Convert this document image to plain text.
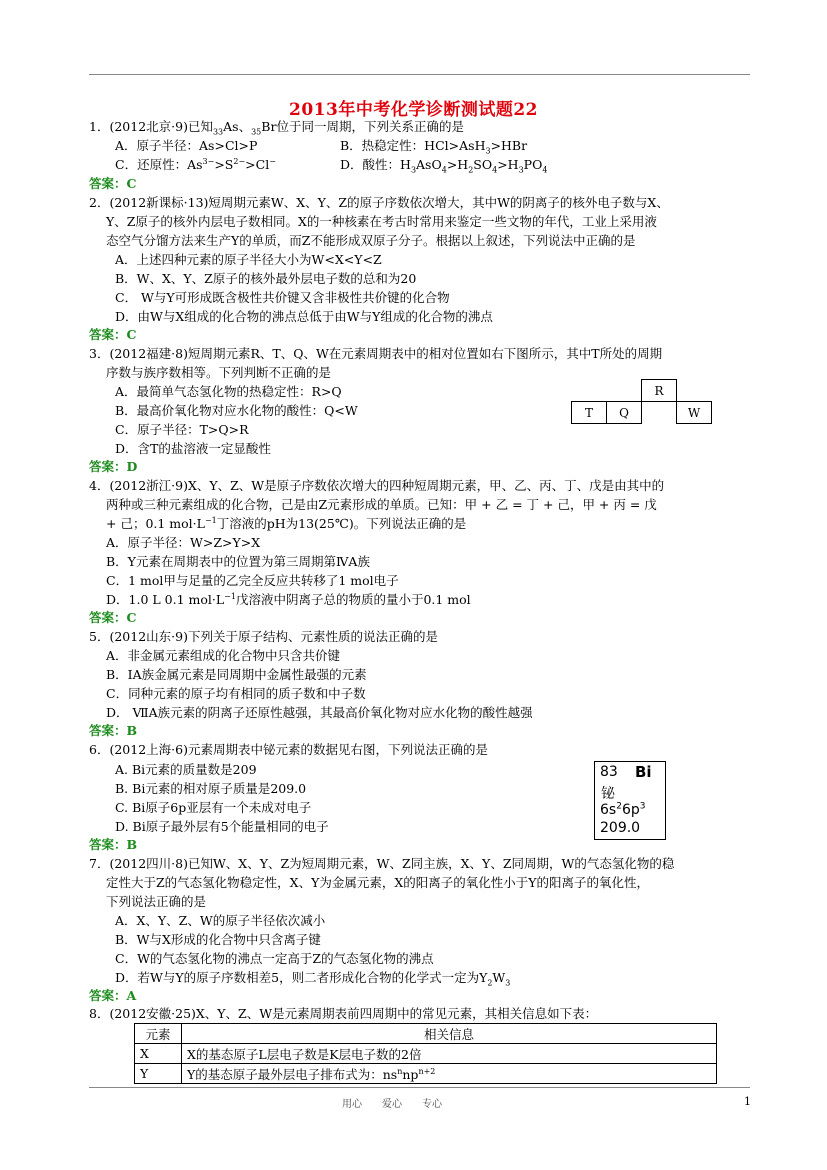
2013年中考化学诊断测试题22
1．(2012北京·9)已知$_{33}$As、$_{35}$Br位于同一周期，下列关系正确的是
A．原子半径：As>Cl>P	B．热稳定性：HCl>AsH$_3$>HBr
C．还原性：$As^{3-}>S^{2-}>Cl^-$	D．酸性：$H_3AsO_4>H_2SO_4>H_3PO_4$
答案：C
2．(2012新课标·13)短周期元素W、X、Y、Z的原子序数依次增大，其中W的阴离子的核外电子数与X、
Y、Z原子的核外内层电子数相同。X的一种核素在考古时常用来鉴定一些文物的年代，工业上采用液
态空气分馏方法来生产Y的单质，而Z不能形成双原子分子。根据以上叙述，下列说法中正确的是
A．上述四种元素的原子半径大小为W<X<Y<Z
B．W、X、Y、Z原子的核外最外层电子数的总和为20
C． W与Y可形成既含极性共价键又含非极性共价键的化合物
D．由W与X组成的化合物的沸点总低于由W与Y组成的化合物的沸点
答案：C
3．(2012福建·8)短周期元素R、T、Q、W在元素周期表中的相对位置如右下图所示，其中T所处的周期
序数与族序数相等。下列判断不正确的是
A．最简单气态氢化物的热稳定性：R>Q
B．最高价氧化物对应水化物的酸性：Q<W
C．原子半径：T>Q>R
D．含T的盐溶液一定显酸性
		R	
T	Q		W
答案：D
4．(2012浙江·9)X、Y、Z、W是原子序数依次增大的四种短周期元素，甲、乙、丙、丁、戊是由其中的
两种或三种元素组成的化合物，己是由Z元素形成的单质。已知：甲 + 乙 = 丁 + 己，甲 + 丙 = 戊
+ 己；0.1 $mol\cdot L^{-1}$丁溶液的pH为13(25℃)。下列说法正确的是
A．原子半径：W>Z>Y>X
B．Y元素在周期表中的位置为第三周期第ⅣA族
C．1 mol甲与足量的乙完全反应共转移了1 mol电子
D．1.0 L 0.1 $mol\cdot L^{-1}$戊溶液中阴离子总的物质的量小于0.1 mol
答案：C
5．(2012山东·9)下列关于原子结构、元素性质的说法正确的是
A．非金属元素组成的化合物中只含共价键
B．IA族金属元素是同周期中金属性最强的元素
C．同种元素的原子均有相同的质子数和中子数
D． ⅦA族元素的阴离子还原性越强，其最高价氧化物对应水化物的酸性越强
答案：B
6．(2012上海·6)元素周期表中铋元素的数据见右图，下列说法正确的是
A. Bi元素的质量数是209
B. Bi元素的相对原子质量是209.0
C. Bi原子6p亚层有一个未成对电子
D. Bi原子最外层有5个能量相同的电子
83 Bi
铋
$6s^26p^3$
209.0
答案：B
7．(2012四川·8)已知W、X、Y、Z为短周期元素，W、Z同主族，X、Y、Z同周期，W的气态氢化物的稳
定性大于Z的气态氢化物稳定性，X、Y为金属元素，X的阳离子的氧化性小于Y的阳离子的氧化性，
下列说法正确的是
A．X、Y、Z、W的原子半径依次减小
B．W与X形成的化合物中只含离子键
C．W的气态氢化物的沸点一定高于Z的气态氢化物的沸点
D．若W与Y的原子序数相差5，则二者形成化合物的化学式一定为$Y_2W_3$
答案：A
8．(2012安徽·25)X、Y、Z、W是元素周期表前四周期中的常见元素，其相关信息如下表：
元素	相关信息
X	X的基态原子L层电子数是K层电子数的2倍
Y	Y的基态原子最外层电子排布式为：$ns^nnp^{n+2}$
用心　　爱心　　专心	1
